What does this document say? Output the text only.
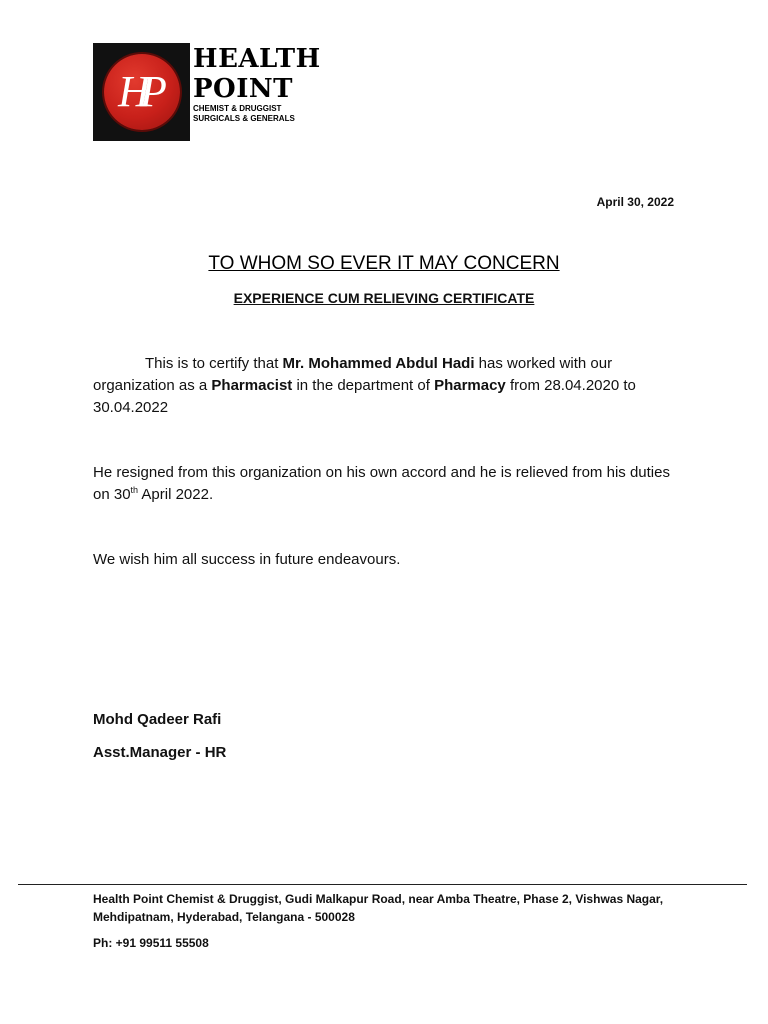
HP
HEALTH
POINT
CHEMIST & DRUGGIST
SURGICALS & GENERALS
April 30, 2022
TO WHOM SO EVER IT MAY CONCERN
EXPERIENCE CUM RELIEVING CERTIFICATE
This is to certify that Mr. Mohammed Abdul Hadi has worked with our organization as a Pharmacist in the department of Pharmacy from 28.04.2020 to 30.04.2022
He resigned from this organization on his own accord and he is relieved from his duties on 30th April 2022.
We wish him all success in future endeavours.
Mohd Qadeer Rafi
Asst.Manager - HR
Health Point Chemist & Druggist, Gudi Malkapur Road, near Amba Theatre, Phase 2, Vishwas Nagar, Mehdipatnam, Hyderabad, Telangana - 500028
Ph: +91 99511 55508
